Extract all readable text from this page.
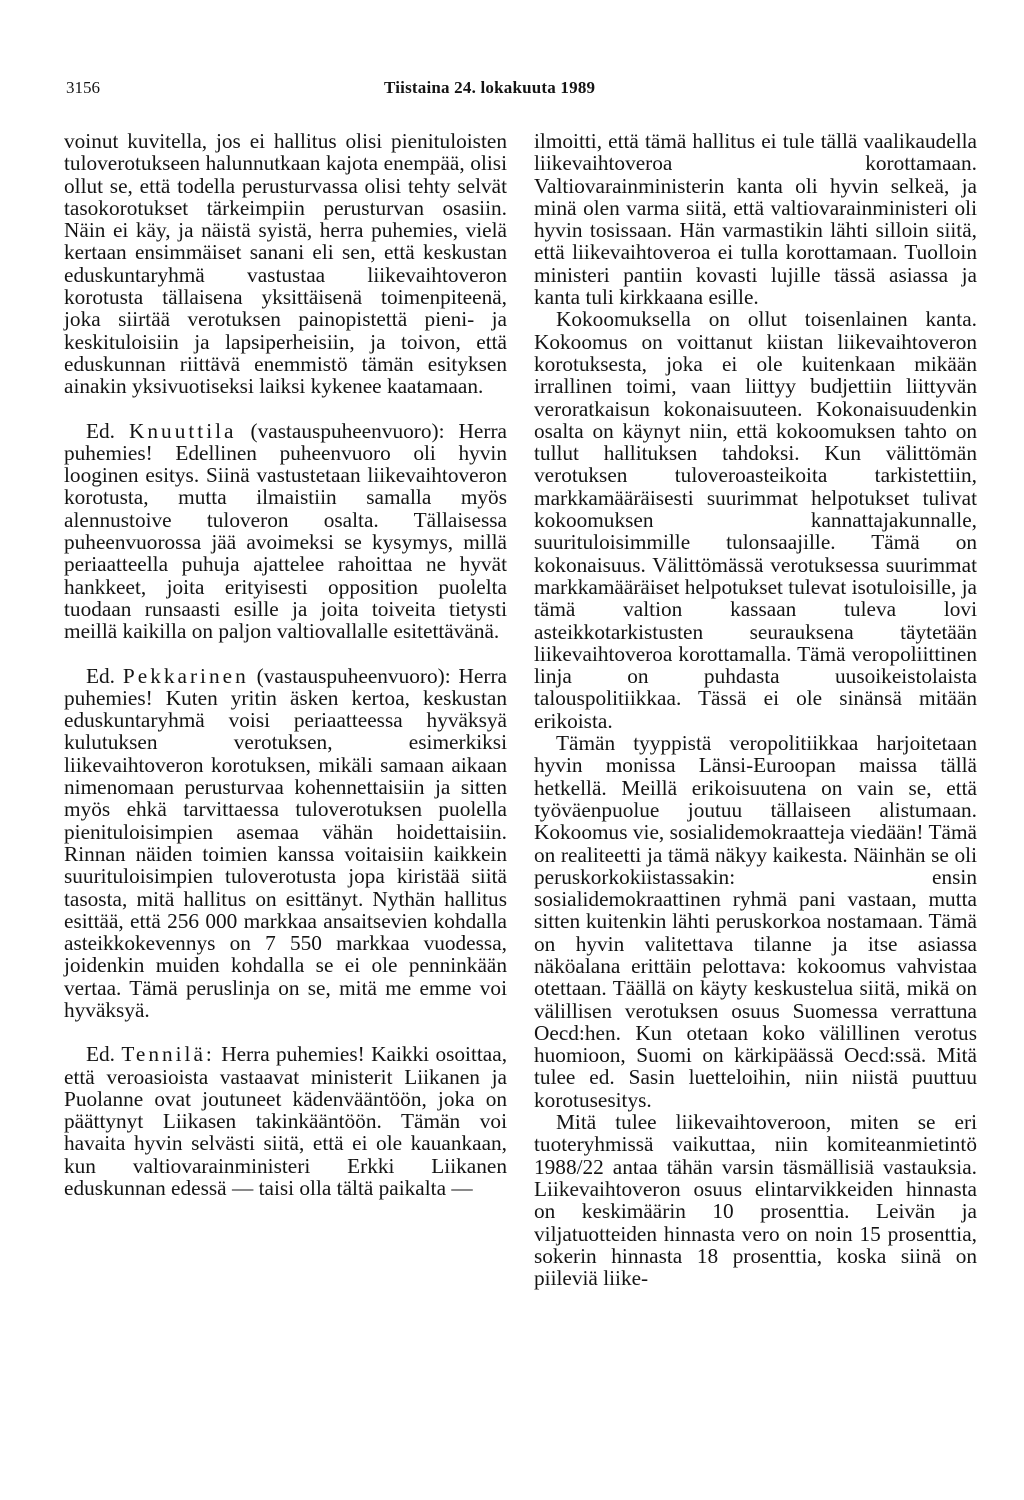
3156	Tiistaina 24. lokakuuta 1989

voinut kuvitella, jos ei hallitus olisi pienituloisten tuloverotukseen halunnutkaan kajota enempää, olisi ollut se, että todella perusturvassa olisi tehty selvät tasokorotukset tärkeimpiin perusturvan osasiin. Näin ei käy, ja näistä syistä, herra puhemies, vielä kertaan ensimmäiset sanani eli sen, että keskustan eduskuntaryhmä vastustaa liikevaihtoveron korotusta tällaisena yksittäisenä toimenpiteenä, joka siirtää verotuksen painopistettä pieni- ja keskituloisiin ja lapsiperheisiin, ja toivon, että eduskunnan riittävä enemmistö tämän esityksen ainakin yksivuotiseksi laiksi kykenee kaatamaan.

Ed. Knuuttila (vastauspuheenvuoro): Herra puhemies! Edellinen puheenvuoro oli hyvin looginen esitys. Siinä vastustetaan liikevaihtoveron korotusta, mutta ilmaistiin samalla myös alennustoive tuloveron osalta. Tällaisessa puheenvuorossa jää avoimeksi se kysymys, millä periaatteella puhuja ajattelee rahoittaa ne hyvät hankkeet, joita erityisesti opposition puolelta tuodaan runsaasti esille ja joita toiveita tietysti meillä kaikilla on paljon valtiovallalle esitettävänä.

Ed. Pekkarinen (vastauspuheenvuoro): Herra puhemies! Kuten yritin äsken kertoa, keskustan eduskuntaryhmä voisi periaatteessa hyväksyä kulutuksen verotuksen, esimerkiksi liikevaihtoveron korotuksen, mikäli samaan aikaan nimenomaan perusturvaa kohennettaisiin ja sitten myös ehkä tarvittaessa tuloverotuksen puolella pienituloisimpien asemaa vähän hoidettaisiin. Rinnan näiden toimien kanssa voitaisiin kaikkein suurituloisimpien tuloverotusta jopa kiristää siitä tasosta, mitä hallitus on esittänyt. Nythän hallitus esittää, että 256 000 markkaa ansaitsevien kohdalla asteikkokevennys on 7 550 markkaa vuodessa, joidenkin muiden kohdalla se ei ole penninkään vertaa. Tämä peruslinja on se, mitä me emme voi hyväksyä.

Ed. Tennilä: Herra puhemies! Kaikki osoittaa, että veroasioista vastaavat ministerit Liikanen ja Puolanne ovat joutuneet kädenvääntöön, joka on päättynyt Liikasen takinkääntöön. Tämän voi havaita hyvin selvästi siitä, että ei ole kauankaan, kun valtiovarainministeri Erkki Liikanen eduskunnan edessä — taisi olla tältä paikalta —

ilmoitti, että tämä hallitus ei tule tällä vaalikaudella liikevaihtoveroa korottamaan. Valtiovarainministerin kanta oli hyvin selkeä, ja minä olen varma siitä, että valtiovarainministeri oli hyvin tosissaan. Hän varmastikin lähti silloin siitä, että liikevaihtoveroa ei tulla korottamaan. Tuolloin ministeri pantiin kovasti lujille tässä asiassa ja kanta tuli kirkkaana esille.

Kokoomuksella on ollut toisenlainen kanta. Kokoomus on voittanut kiistan liikevaihtoveron korotuksesta, joka ei ole kuitenkaan mikään irrallinen toimi, vaan liittyy budjettiin liittyvän veroratkaisun kokonaisuuteen. Kokonaisuudenkin osalta on käynyt niin, että kokoomuksen tahto on tullut hallituksen tahdoksi. Kun välittömän verotuksen tuloveroasteikoita tarkistettiin, markkamääräisesti suurimmat helpotukset tulivat kokoomuksen kannattajakunnalle, suurituloisimmille tulonsaajille. Tämä on kokonaisuus. Välittömässä verotuksessa suurimmat markkamääräiset helpotukset tulevat isotuloisille, ja tämä valtion kassaan tuleva lovi asteikkotarkistusten seurauksena täytetään liikevaihtoveroa korottamalla. Tämä veropoliittinen linja on puhdasta uusoikeistolaista talouspolitiikkaa. Tässä ei ole sinänsä mitään erikoista.

Tämän tyyppistä veropolitiikkaa harjoitetaan hyvin monissa Länsi-Euroopan maissa tällä hetkellä. Meillä erikoisuutena on vain se, että työväenpuolue joutuu tällaiseen alistumaan. Kokoomus vie, sosialidemokraatteja viedään! Tämä on realiteetti ja tämä näkyy kaikesta. Näinhän se oli peruskorkokiistassakin: ensin sosialidemokraattinen ryhmä pani vastaan, mutta sitten kuitenkin lähti peruskorkoa nostamaan. Tämä on hyvin valitettava tilanne ja itse asiassa näköalana erittäin pelottava: kokoomus vahvistaa otettaan. Täällä on käyty keskustelua siitä, mikä on välillisen verotuksen osuus Suomessa verrattuna Oecd:hen. Kun otetaan koko välillinen verotus huomioon, Suomi on kärkipäässä Oecd:ssä. Mitä tulee ed. Sasin luetteloihin, niin niistä puuttuu korotusesitys.

Mitä tulee liikevaihtoveroon, miten se eri tuoteryhmissä vaikuttaa, niin komiteanmietintö 1988/22 antaa tähän varsin täsmällisiä vastauksia. Liikevaihtoveron osuus elintarvikkeiden hinnasta on keskimäärin 10 prosenttia. Leivän ja viljatuotteiden hinnasta vero on noin 15 prosenttia, sokerin hinnasta 18 prosenttia, koska siinä on piileviä liike-
